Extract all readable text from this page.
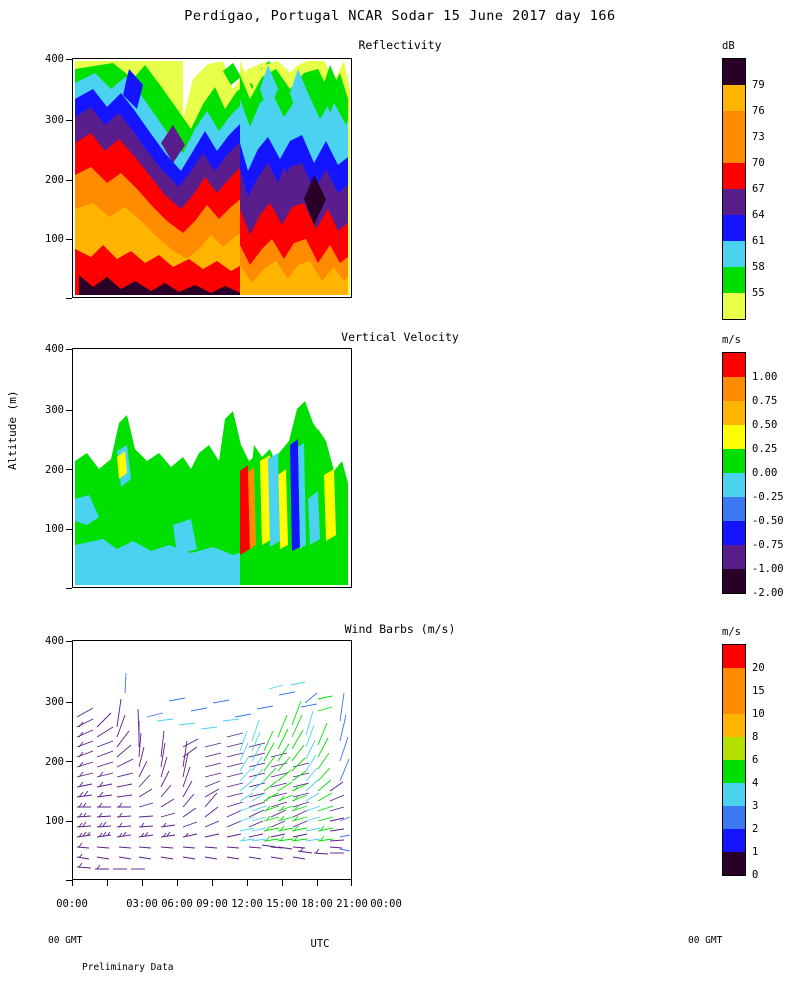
Perdigao, Portugal NCAR Sodar 15 June 2017 day 166
Altitude (m)
UTC
Reflectivity
100
200
300
400
dB
79
76
73
70
67
64
61
58
55
Vertical Velocity
100
200
300
400
m/s
1.00
0.75
0.50
0.25
0.00
-0.25
-0.50
-0.75
-1.00
-2.00
Wind Barbs (m/s)
100
200
300
400
00:00	03:00 06:00 09:00 12:00 15:00 18:00 21:00 00:00
m/s
20
15
10
8
6
4
3
2
1
0
00 GMT	00 GMT
Preliminary Data
